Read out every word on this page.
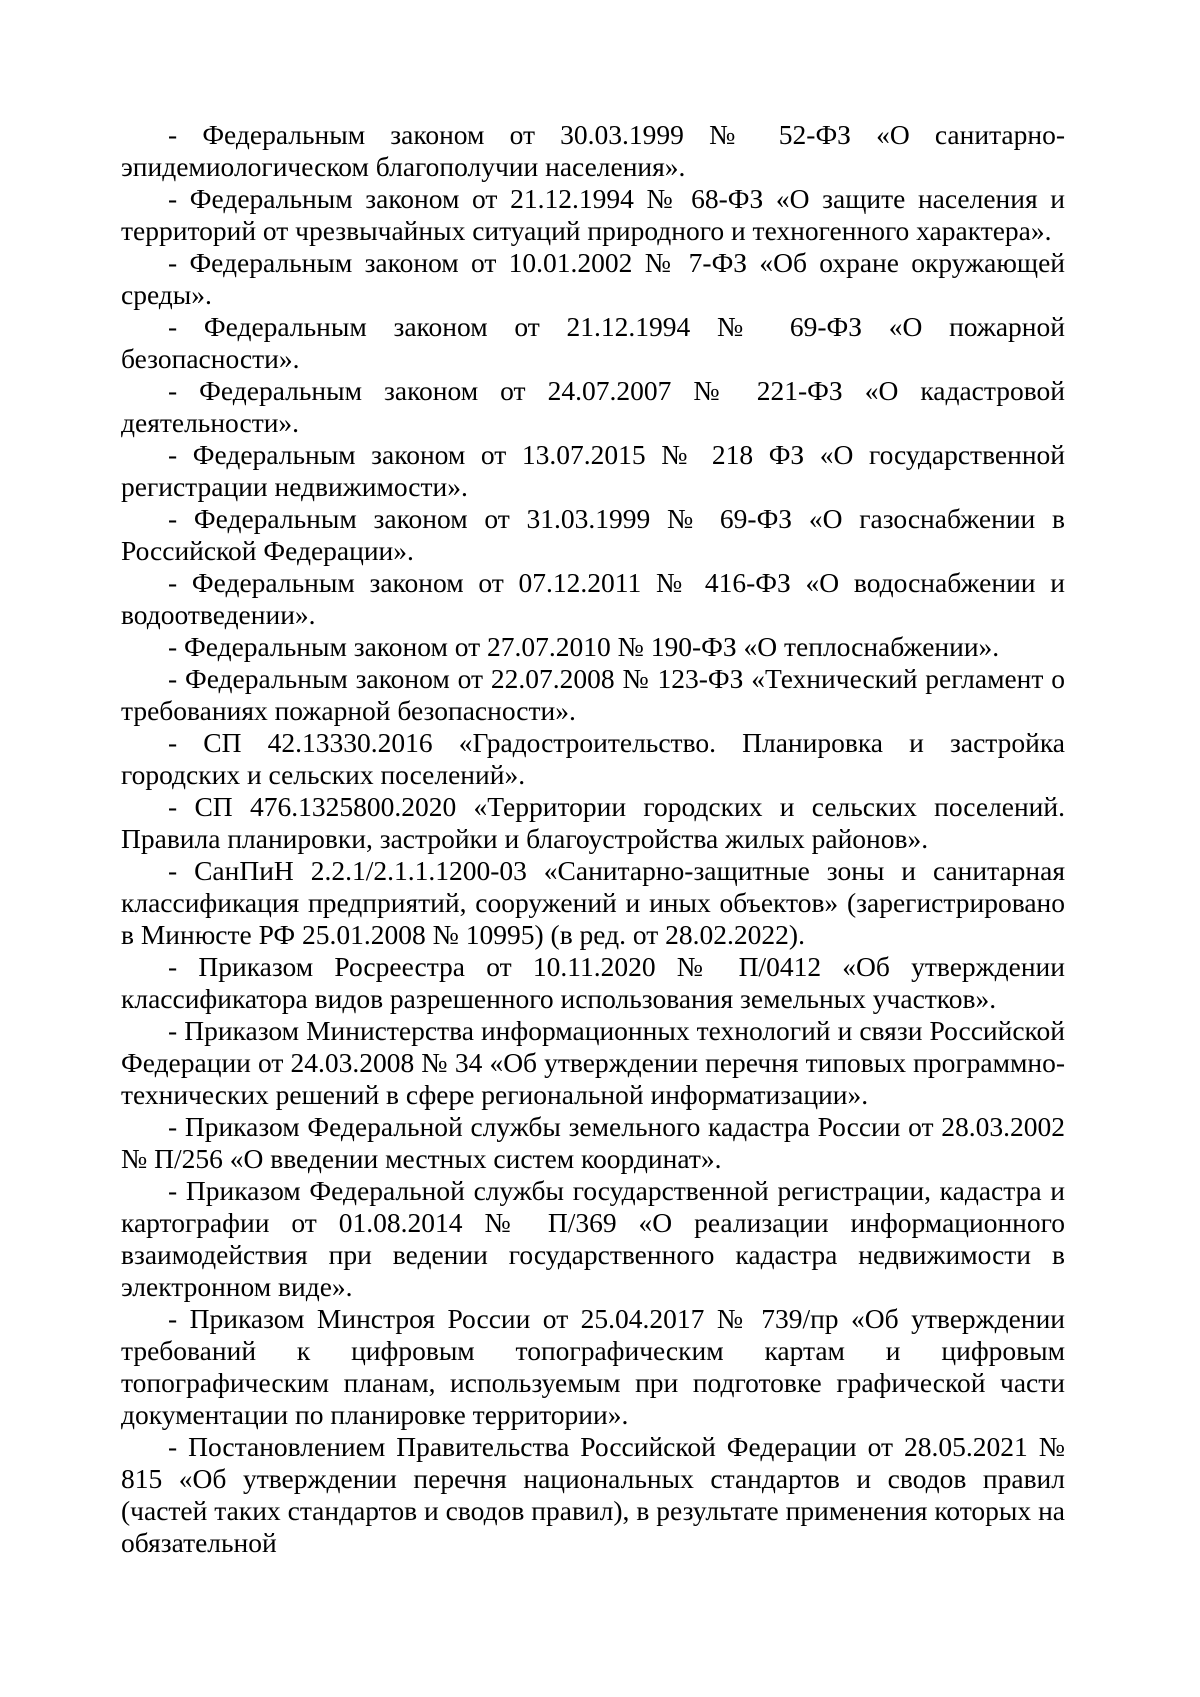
- Федеральным законом от 30.03.1999 № 52-ФЗ «О санитарно-эпидемиологическом благополучии населения».

- Федеральным законом от 21.12.1994 № 68-ФЗ «О защите населения и территорий от чрезвычайных ситуаций природного и техногенного характера».

- Федеральным законом от 10.01.2002 № 7-ФЗ «Об охране окружающей среды».

- Федеральным законом от 21.12.1994 № 69-ФЗ «О пожарной безопасности».

- Федеральным законом от 24.07.2007 № 221-ФЗ «О кадастровой деятельности».

- Федеральным законом от 13.07.2015 № 218 ФЗ «О государственной регистрации недвижимости».

- Федеральным законом от 31.03.1999 № 69-ФЗ «О газоснабжении в Российской Федерации».

- Федеральным законом от 07.12.2011 № 416-ФЗ «О водоснабжении и водоотведении».

- Федеральным законом от 27.07.2010 № 190-ФЗ «О теплоснабжении».

- Федеральным законом от 22.07.2008 № 123-ФЗ «Технический регламент о требованиях пожарной безопасности».

- СП 42.13330.2016 «Градостроительство. Планировка и застройка городских и сельских поселений».

- СП 476.1325800.2020 «Территории городских и сельских поселений. Правила планировки, застройки и благоустройства жилых районов».

- СанПиН 2.2.1/2.1.1.1200-03 «Санитарно-защитные зоны и санитарная классификация предприятий, сооружений и иных объектов» (зарегистрировано в Минюсте РФ 25.01.2008 № 10995) (в ред. от 28.02.2022).

- Приказом Росреестра от 10.11.2020 № П/0412 «Об утверждении классификатора видов разрешенного использования земельных участков».

- Приказом Министерства информационных технологий и связи Российской Федерации от 24.03.2008 № 34 «Об утверждении перечня типовых программно-технических решений в сфере региональной информатизации».

- Приказом Федеральной службы земельного кадастра России от 28.03.2002 № П/256 «О введении местных систем координат».

- Приказом Федеральной службы государственной регистрации, кадастра и картографии от 01.08.2014 № П/369 «О реализации информационного взаимодействия при ведении государственного кадастра недвижимости в электронном виде».

- Приказом Минстроя России от 25.04.2017 № 739/пр «Об утверждении требований к цифровым топографическим картам и цифровым топографическим планам, используемым при подготовке графической части документации по планировке территории».

- Постановлением Правительства Российской Федерации от 28.05.2021 № 815 «Об утверждении перечня национальных стандартов и сводов правил (частей таких стандартов и сводов правил), в результате применения которых на обязательной
